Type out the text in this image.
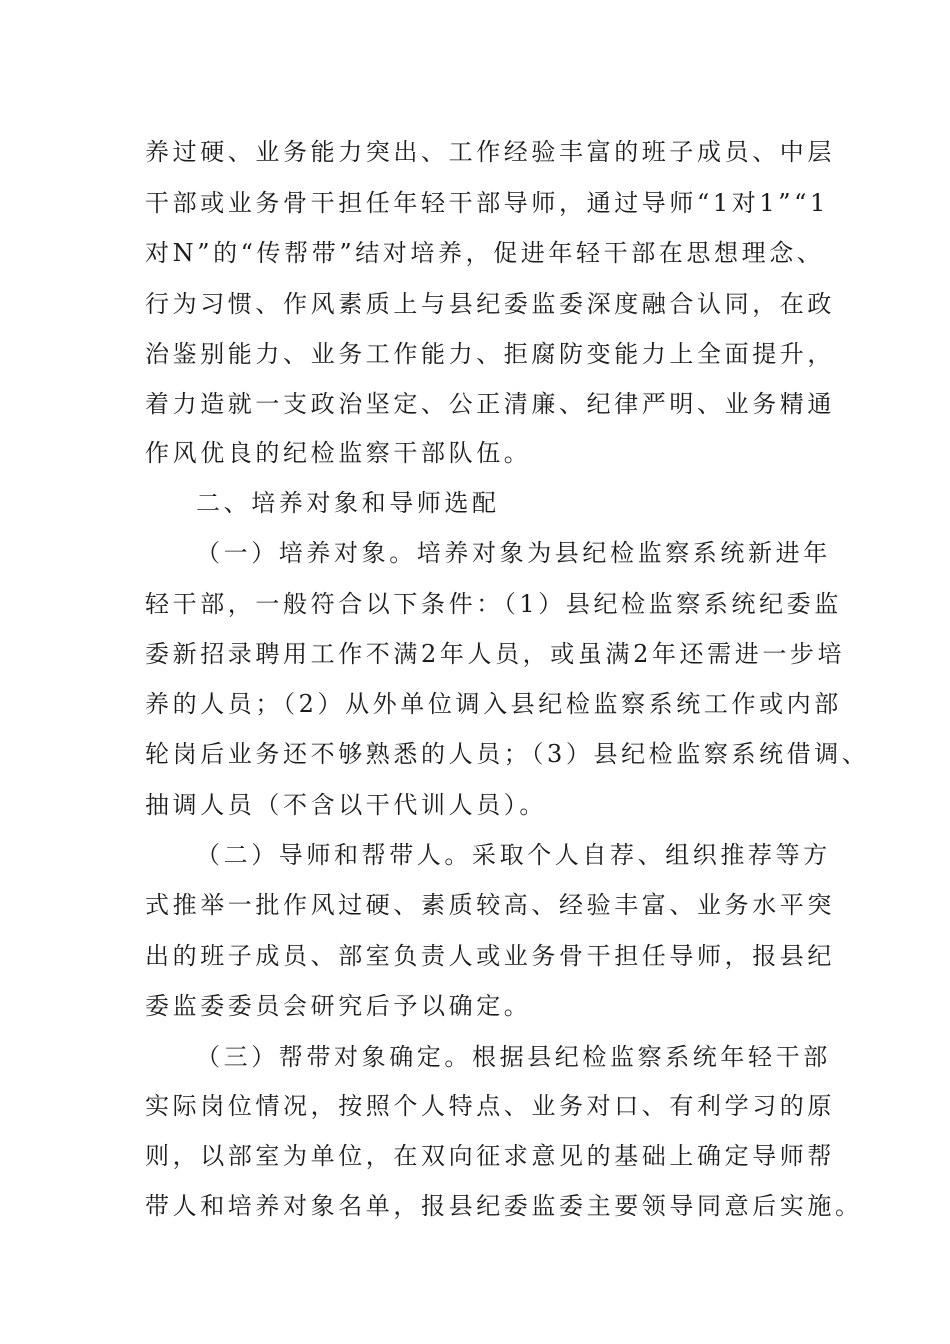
养过硬、业务能力突出、工作经验丰富的班子成员、中层
干部或业务骨干担任年轻干部导师，通过导师“1对1”“1
对N”的“传帮带”结对培养，促进年轻干部在思想理念、
行为习惯、作风素质上与县纪委监委深度融合认同，在政
治鉴别能力、业务工作能力、拒腐防变能力上全面提升，
着力造就一支政治坚定、公正清廉、纪律严明、业务精通
作风优良的纪检监察干部队伍。
二、培养对象和导师选配
（一）培养对象。培养对象为县纪检监察系统新进年
轻干部，一般符合以下条件：（1）县纪检监察系统纪委监
委新招录聘用工作不满2年人员，或虽满2年还需进一步培
养的人员；（2）从外单位调入县纪检监察系统工作或内部
轮岗后业务还不够熟悉的人员；（3）县纪检监察系统借调、
抽调人员（不含以干代训人员）。
（二）导师和帮带人。采取个人自荐、组织推荐等方
式推举一批作风过硬、素质较高、经验丰富、业务水平突
出的班子成员、部室负责人或业务骨干担任导师，报县纪
委监委委员会研究后予以确定。
（三）帮带对象确定。根据县纪检监察系统年轻干部
实际岗位情况，按照个人特点、业务对口、有利学习的原
则，以部室为单位，在双向征求意见的基础上确定导师帮
带人和培养对象名单，报县纪委监委主要领导同意后实施。
